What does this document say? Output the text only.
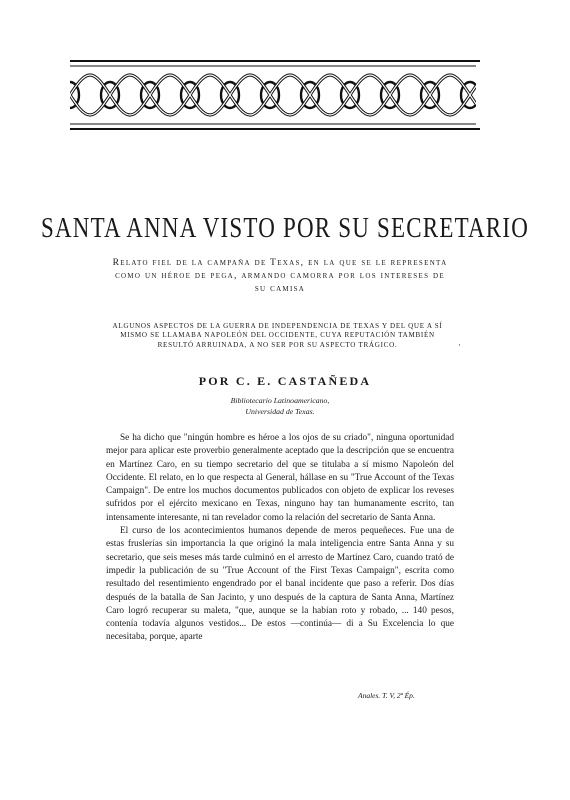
SANTA ANNA VISTO POR SU SECRETARIO
Relato fiel de la campaña de Texas, en la que se le representa como un héroe de pega, armando camorra por los intereses de su camisa
ALGUNOS ASPECTOS DE LA GUERRA DE INDEPENDENCIA DE TEXAS Y DEL QUE A SÍ MISMO SE LLAMABA NAPOLEÓN DEL OCCIDENTE, CUYA REPUTACIÓN TAMBIÉN RESULTÓ ARRUINADA, A NO SER POR SU ASPECTO TRÁGICO.	·
POR C. E. CASTAÑEDA
Bibliotecario Latinoamericano,
Universidad de Texas.

Se ha dicho que "ningún hombre es héroe a los ojos de su criado", ninguna oportunidad mejor para aplicar este proverbio generalmente aceptado que la descripción que se encuentra en Martínez Caro, en su tiempo secretario del que se titulaba a sí mismo Napoleón del Occidente. El relato, en lo que respecta al General, hállase en su "True Account of the Texas Campaign". De entre los muchos documentos publicados con objeto de explicar los reveses sufridos por el ejército mexicano en Texas, ninguno hay tan humanamente escrito, tan intensamente interesante, ni tan revelador como la relación del secretario de Santa Anna.

El curso de los acontecimientos humanos depende de meros pequeñeces. Fue una de estas fruslerías sin importancia la que originó la mala inteligencia entre Santa Anna y su secretario, que seis meses más tarde culminó en el arresto de Martínez Caro, cuando trató de impedir la publicación de su "True Account of the First Texas Campaign", escrita como resultado del resentimiento engendrado por el banal incidente que paso a referir. Dos días después de la batalla de San Jacinto, y uno después de la captura de Santa Anna, Martínez Caro logró recuperar su maleta, "que, aunque se la habían roto y robado, ... 140 pesos, contenía todavía algunos vestidos... De estos —continúa— di a Su Excelencia lo que necesitaba, porque, aparte

Anales. T. V, 2ª Ép.
